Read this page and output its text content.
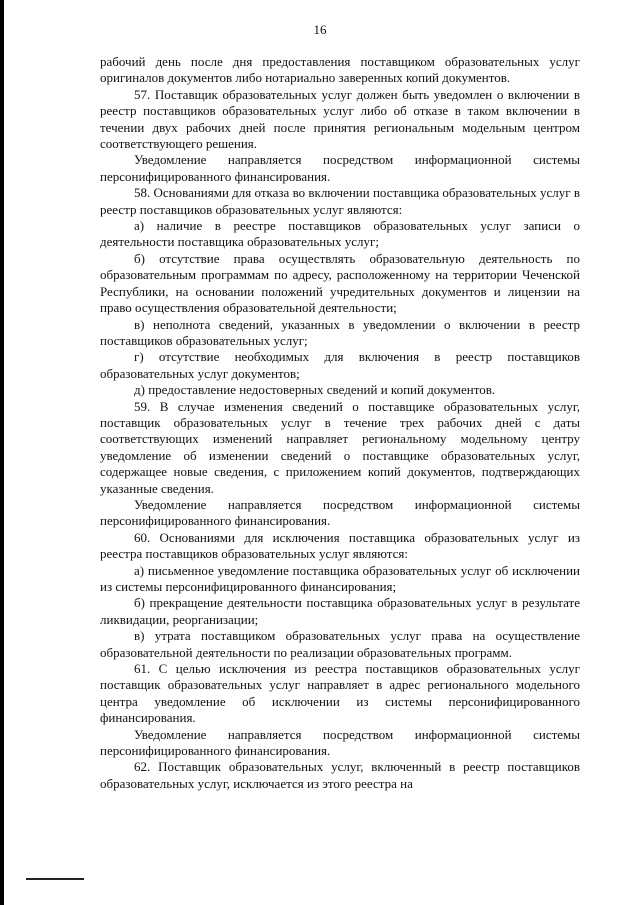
16

рабочий день после дня предоставления поставщиком образовательных услуг оригиналов документов либо нотариально заверенных копий документов.

57. Поставщик образовательных услуг должен быть уведомлен о включении в реестр поставщиков образовательных услуг либо об отказе в таком включении в течении двух рабочих дней после принятия региональным модельным центром соответствующего решения.

Уведомление направляется посредством информационной системы персонифицированного финансирования.

58. Основаниями для отказа во включении поставщика образовательных услуг в реестр поставщиков образовательных услуг являются:

а) наличие в реестре поставщиков образовательных услуг записи о деятельности поставщика образовательных услуг;

б) отсутствие права осуществлять образовательную деятельность по образовательным программам по адресу, расположенному на территории Чеченской Республики, на основании положений учредительных документов и лицензии на право осуществления образовательной деятельности;

в) неполнота сведений, указанных в уведомлении о включении в реестр поставщиков образовательных услуг;

г) отсутствие необходимых для включения в реестр поставщиков образовательных услуг документов;

д) предоставление недостоверных сведений и копий документов.

59. В случае изменения сведений о поставщике образовательных услуг, поставщик образовательных услуг в течение трех рабочих дней с даты соответствующих изменений направляет региональному модельному центру уведомление об изменении сведений о поставщике образовательных услуг, содержащее новые сведения, с приложением копий документов, подтверждающих указанные сведения.

Уведомление направляется посредством информационной системы персонифицированного финансирования.

60. Основаниями для исключения поставщика образовательных услуг из реестра поставщиков образовательных услуг являются:

а) письменное уведомление поставщика образовательных услуг об исключении из системы персонифицированного финансирования;

б) прекращение деятельности поставщика образовательных услуг в результате ликвидации, реорганизации;

в) утрата поставщиком образовательных услуг права на осуществление образовательной деятельности по реализации образовательных программ.

61. С целью исключения из реестра поставщиков образовательных услуг поставщик образовательных услуг направляет в адрес регионального модельного центра уведомление об исключении из системы персонифицированного финансирования.

Уведомление направляется посредством информационной системы персонифицированного финансирования.

62. Поставщик образовательных услуг, включенный в реестр поставщиков образовательных услуг, исключается из этого реестра на
